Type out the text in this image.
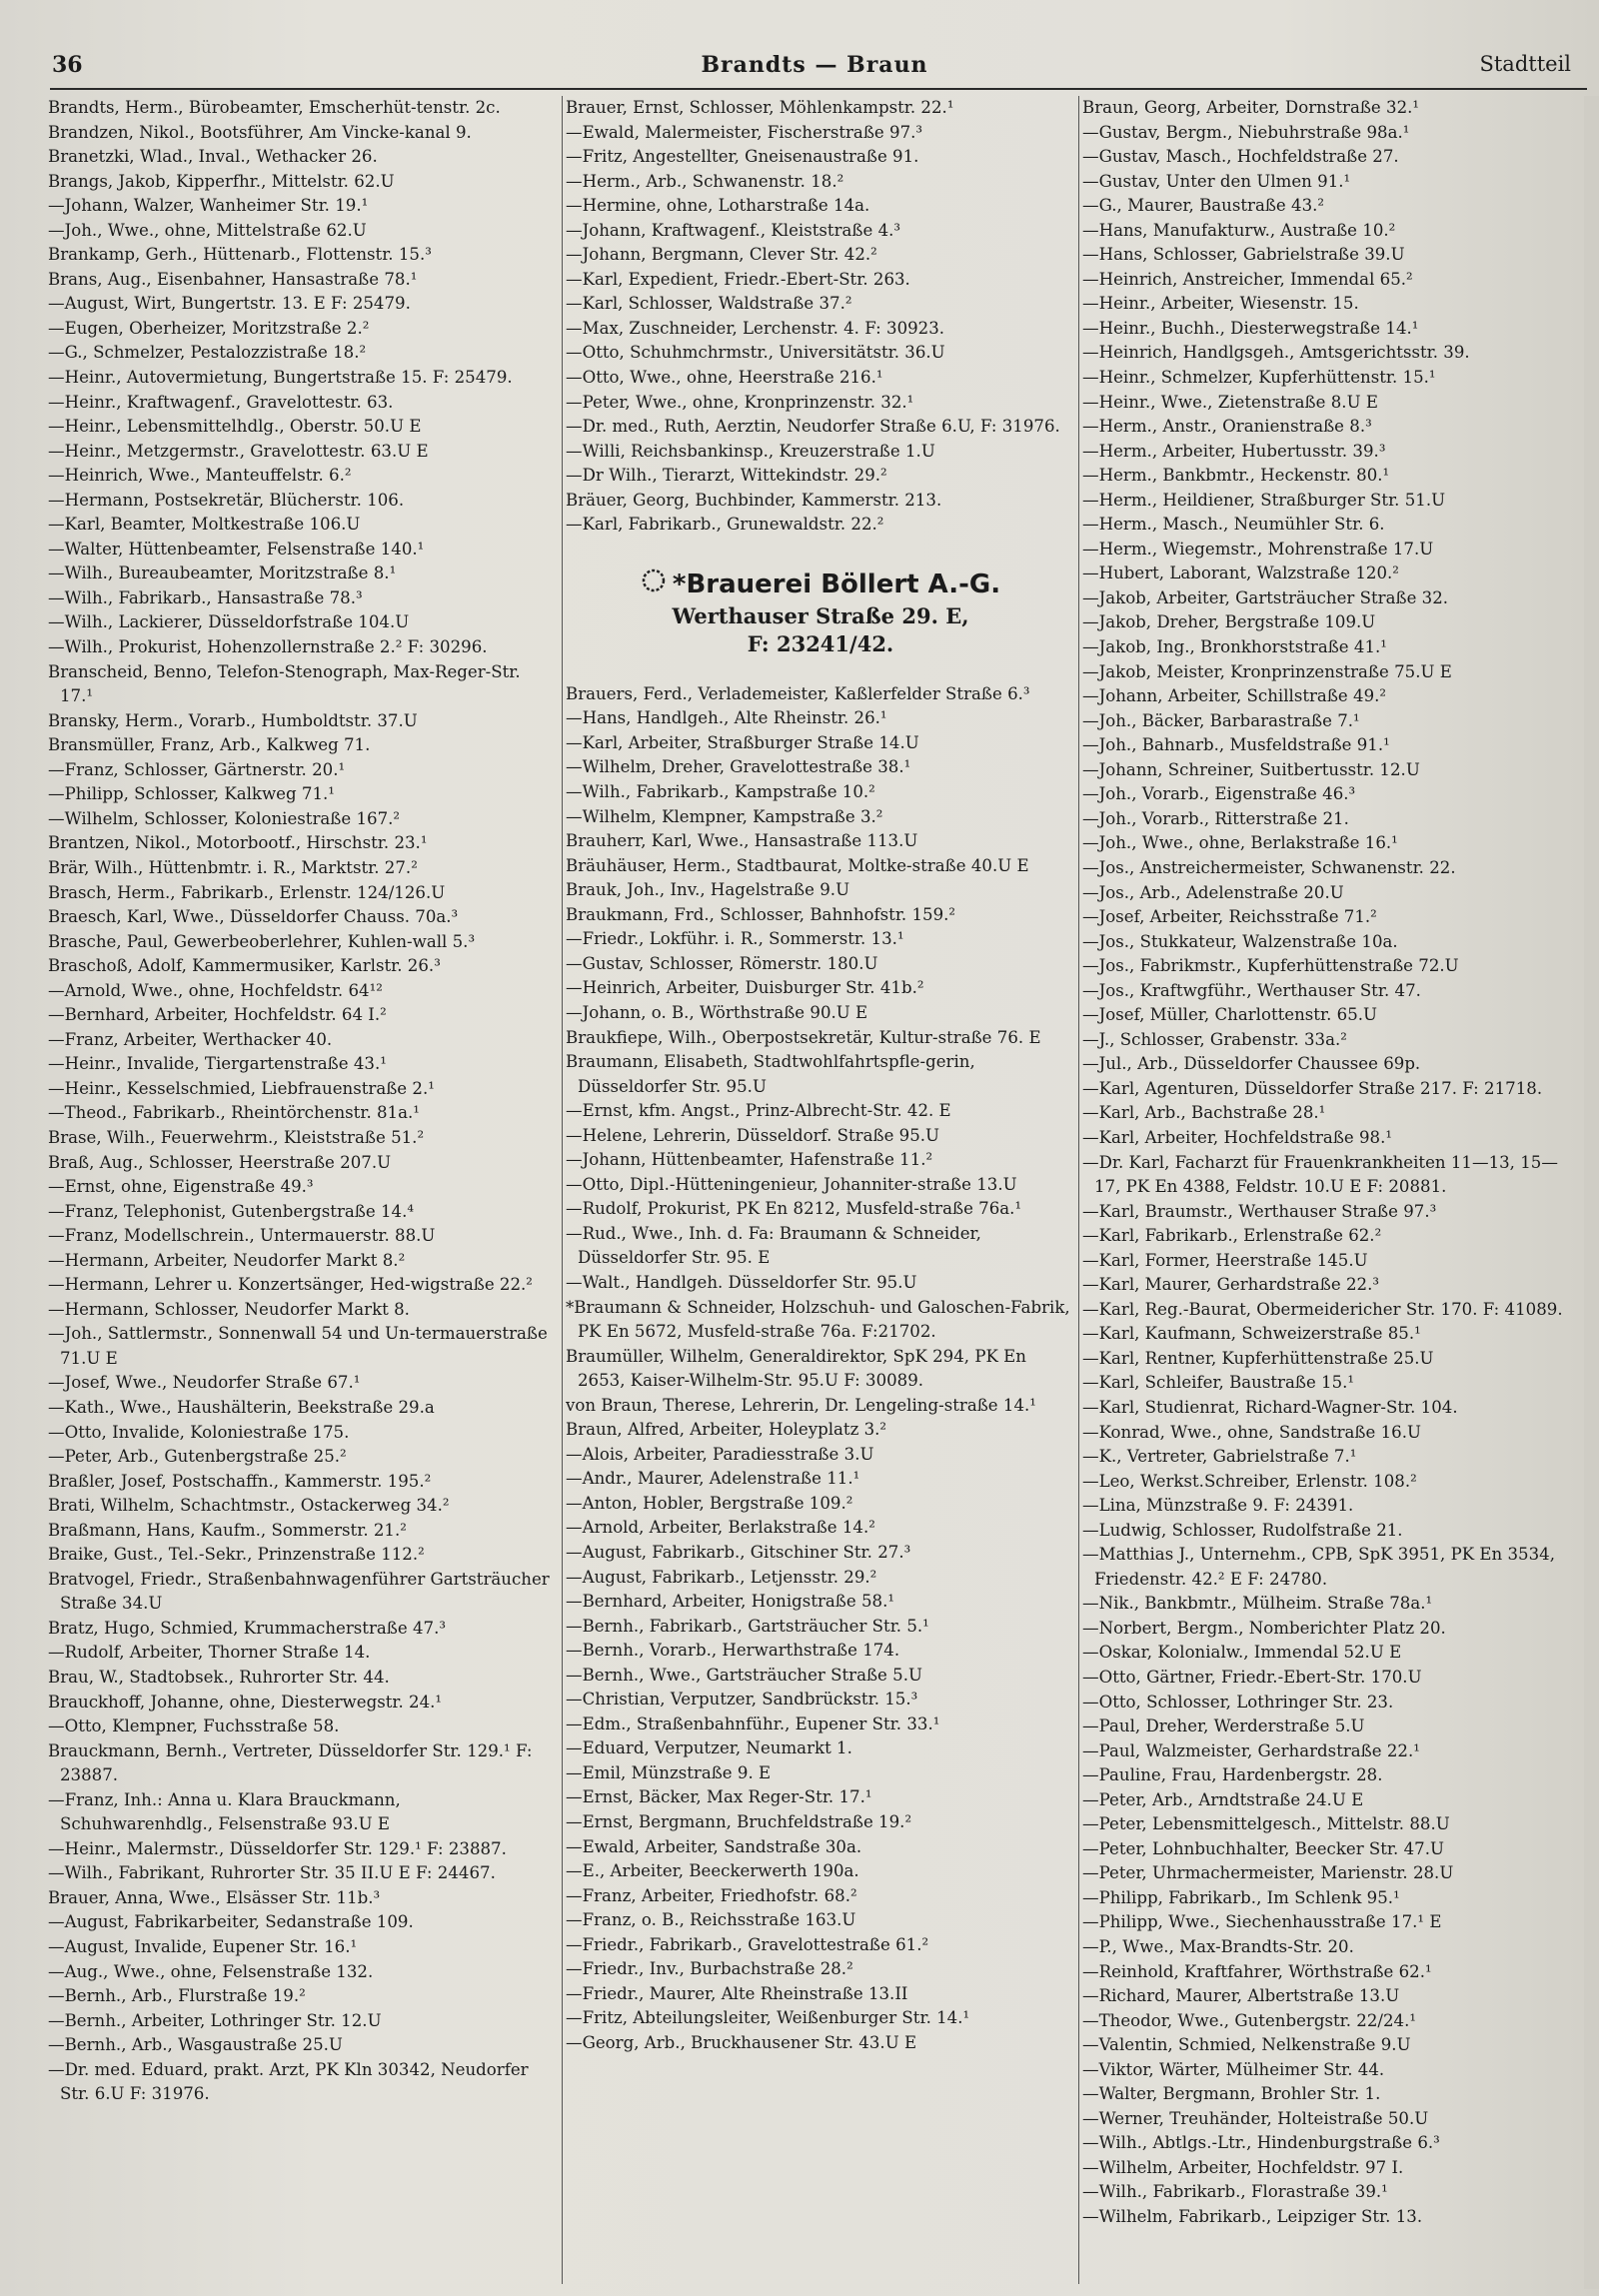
36	Brandts — Braun	Stadtteil
Brandts, Herm., Bürobeamter, Emscherhüt-tenstr. 2c.
Brandzen, Nikol., Bootsführer, Am Vincke-kanal 9.
Branetzki, Wlad., Inval., Wethacker 26.
Brangs, Jakob, Kipperfhr., Mittelstr. 62.U
—Johann, Walzer, Wanheimer Str. 19.¹
—Joh., Wwe., ohne, Mittelstraße 62.U
Brankamp, Gerh., Hüttenarb., Flottenstr. 15.³
Brans, Aug., Eisenbahner, Hansastraße 78.¹
—August, Wirt, Bungertstr. 13. E F: 25479.
—Eugen, Oberheizer, Moritzstraße 2.²
—G., Schmelzer, Pestalozzistraße 18.²
—Heinr., Autovermietung, Bungertstraße 15. F: 25479.
—Heinr., Kraftwagenf., Gravelottestr. 63.
—Heinr., Lebensmittelhdlg., Oberstr. 50.U E
—Heinr., Metzgermstr., Gravelottestr. 63.U E
—Heinrich, Wwe., Manteuffelstr. 6.²
—Hermann, Postsekretär, Blücherstr. 106.
—Karl, Beamter, Moltkestraße 106.U
—Walter, Hüttenbeamter, Felsenstraße 140.¹
—Wilh., Bureaubeamter, Moritzstraße 8.¹
—Wilh., Fabrikarb., Hansastraße 78.³
—Wilh., Lackierer, Düsseldorfstraße 104.U
—Wilh., Prokurist, Hohenzollernstraße 2.² F: 30296.
Branscheid, Benno, Telefon-Stenograph, Max-Reger-Str. 17.¹
Bransky, Herm., Vorarb., Humboldtstr. 37.U
Bransmüller, Franz, Arb., Kalkweg 71.
—Franz, Schlosser, Gärtnerstr. 20.¹
—Philipp, Schlosser, Kalkweg 71.¹
—Wilhelm, Schlosser, Koloniestraße 167.²
Brantzen, Nikol., Motorbootf., Hirschstr. 23.¹
Brär, Wilh., Hüttenbmtr. i. R., Marktstr. 27.²
Brasch, Herm., Fabrikarb., Erlenstr. 124/126.U
Braesch, Karl, Wwe., Düsseldorfer Chauss. 70a.³
Brasche, Paul, Gewerbeoberlehrer, Kuhlen-wall 5.³
Braschoß, Adolf, Kammermusiker, Karlstr. 26.³
—Arnold, Wwe., ohne, Hochfeldstr. 64¹²
—Bernhard, Arbeiter, Hochfeldstr. 64 I.²
—Franz, Arbeiter, Werthacker 40.
—Heinr., Invalide, Tiergartenstraße 43.¹
—Heinr., Kesselschmied, Liebfrauenstraße 2.¹
—Theod., Fabrikarb., Rheintörchenstr. 81a.¹
Brase, Wilh., Feuerwehrm., Kleiststraße 51.²
Braß, Aug., Schlosser, Heerstraße 207.U
—Ernst, ohne, Eigenstraße 49.³
—Franz, Telephonist, Gutenbergstraße 14.⁴
—Franz, Modellschrein., Untermauerstr. 88.U
—Hermann, Arbeiter, Neudorfer Markt 8.²
—Hermann, Lehrer u. Konzertsänger, Hed-wigstraße 22.²
—Hermann, Schlosser, Neudorfer Markt 8.
—Joh., Sattlermstr., Sonnenwall 54 und Un-termauerstraße 71.U E
—Josef, Wwe., Neudorfer Straße 67.¹
—Kath., Wwe., Haushälterin, Beekstraße 29.a
—Otto, Invalide, Koloniestraße 175.
—Peter, Arb., Gutenbergstraße 25.²
Braßler, Josef, Postschaffn., Kammerstr. 195.²
Brati, Wilhelm, Schachtmstr., Ostackerweg 34.²
Braßmann, Hans, Kaufm., Sommerstr. 21.²
Braike, Gust., Tel.-Sekr., Prinzenstraße 112.²
Bratvogel, Friedr., Straßenbahnwagenführer Gartsträucher Straße 34.U
Bratz, Hugo, Schmied, Krummacherstraße 47.³
—Rudolf, Arbeiter, Thorner Straße 14.
Brau, W., Stadtobsek., Ruhrorter Str. 44.
Brauckhoff, Johanne, ohne, Diesterwegstr. 24.¹
—Otto, Klempner, Fuchsstraße 58.
Brauckmann, Bernh., Vertreter, Düsseldorfer Str. 129.¹ F: 23887.
—Franz, Inh.: Anna u. Klara Brauckmann, Schuhwarenhdlg., Felsenstraße 93.U E
—Heinr., Malermstr., Düsseldorfer Str. 129.¹ F: 23887.
—Wilh., Fabrikant, Ruhrorter Str. 35 II.U E F: 24467.
Brauer, Anna, Wwe., Elsässer Str. 11b.³
—August, Fabrikarbeiter, Sedanstraße 109.
—August, Invalide, Eupener Str. 16.¹
—Aug., Wwe., ohne, Felsenstraße 132.
—Bernh., Arb., Flurstraße 19.²
—Bernh., Arbeiter, Lothringer Str. 12.U
—Bernh., Arb., Wasgaustraße 25.U
—Dr. med. Eduard, prakt. Arzt, PK Kln 30342, Neudorfer Str. 6.U F: 31976.
Brauer, Ernst, Schlosser, Möhlenkampstr. 22.¹
—Ewald, Malermeister, Fischerstraße 97.³
—Fritz, Angestellter, Gneisenaustraße 91.
—Herm., Arb., Schwanenstr. 18.²
—Hermine, ohne, Lotharstraße 14a.
—Johann, Kraftwagenf., Kleiststraße 4.³
—Johann, Bergmann, Clever Str. 42.²
—Karl, Expedient, Friedr.-Ebert-Str. 263.
—Karl, Schlosser, Waldstraße 37.²
—Max, Zuschneider, Lerchenstr. 4. F: 30923.
—Otto, Schuhmchrmstr., Universitätstr. 36.U
—Otto, Wwe., ohne, Heerstraße 216.¹
—Peter, Wwe., ohne, Kronprinzenstr. 32.¹
—Dr. med., Ruth, Aerztin, Neudorfer Straße 6.U, F: 31976.
—Willi, Reichsbankinsp., Kreuzerstraße 1.U
—Dr Wilh., Tierarzt, Wittekindstr. 29.²
Bräuer, Georg, Buchbinder, Kammerstr. 213.
—Karl, Fabrikarb., Grunewaldstr. 22.²
*Brauerei Böllert A.-G.
Werthauser Straße 29. E,
F: 23241/42.
Brauers, Ferd., Verlademeister, Kaßlerfelder Straße 6.³
—Hans, Handlgeh., Alte Rheinstr. 26.¹
—Karl, Arbeiter, Straßburger Straße 14.U
—Wilhelm, Dreher, Gravelottestraße 38.¹
—Wilh., Fabrikarb., Kampstraße 10.²
—Wilhelm, Klempner, Kampstraße 3.²
Brauherr, Karl, Wwe., Hansastraße 113.U
Bräuhäuser, Herm., Stadtbaurat, Moltke-straße 40.U E
Brauk, Joh., Inv., Hagelstraße 9.U
Braukmann, Frd., Schlosser, Bahnhofstr. 159.²
—Friedr., Lokführ. i. R., Sommerstr. 13.¹
—Gustav, Schlosser, Römerstr. 180.U
—Heinrich, Arbeiter, Duisburger Str. 41b.²
—Johann, o. B., Wörthstraße 90.U E
Braukfiepe, Wilh., Oberpostsekretär, Kultur-straße 76. E
Braumann, Elisabeth, Stadtwohlfahrtspfle-gerin, Düsseldorfer Str. 95.U
—Ernst, kfm. Angst., Prinz-Albrecht-Str. 42. E
—Helene, Lehrerin, Düsseldorf. Straße 95.U
—Johann, Hüttenbeamter, Hafenstraße 11.²
—Otto, Dipl.-Hütteningenieur, Johanniter-straße 13.U
—Rudolf, Prokurist, PK En 8212, Musfeld-straße 76a.¹
—Rud., Wwe., Inh. d. Fa: Braumann & Schneider, Düsseldorfer Str. 95. E
—Walt., Handlgeh. Düsseldorfer Str. 95.U
*Braumann & Schneider, Holzschuh- und Galoschen-Fabrik, PK En 5672, Musfeld-straße 76a. F:21702.
Braumüller, Wilhelm, Generaldirektor, SpK 294, PK En 2653, Kaiser-Wilhelm-Str. 95.U F: 30089.
von Braun, Therese, Lehrerin, Dr. Lengeling-straße 14.¹
Braun, Alfred, Arbeiter, Holeyplatz 3.²
—Alois, Arbeiter, Paradiesstraße 3.U
—Andr., Maurer, Adelenstraße 11.¹
—Anton, Hobler, Bergstraße 109.²
—Arnold, Arbeiter, Berlakstraße 14.²
—August, Fabrikarb., Gitschiner Str. 27.³
—August, Fabrikarb., Letjensstr. 29.²
—Bernhard, Arbeiter, Honigstraße 58.¹
—Bernh., Fabrikarb., Gartsträucher Str. 5.¹
—Bernh., Vorarb., Herwarthstraße 174.
—Bernh., Wwe., Gartsträucher Straße 5.U
—Christian, Verputzer, Sandbrückstr. 15.³
—Edm., Straßenbahnführ., Eupener Str. 33.¹
—Eduard, Verputzer, Neumarkt 1.
—Emil, Münzstraße 9. E
—Ernst, Bäcker, Max Reger-Str. 17.¹
—Ernst, Bergmann, Bruchfeldstraße 19.²
—Ewald, Arbeiter, Sandstraße 30a.
—E., Arbeiter, Beeckerwerth 190a.
—Franz, Arbeiter, Friedhofstr. 68.²
—Franz, o. B., Reichsstraße 163.U
—Friedr., Fabrikarb., Gravelottestraße 61.²
—Friedr., Inv., Burbachstraße 28.²
—Friedr., Maurer, Alte Rheinstraße 13.II
—Fritz, Abteilungsleiter, Weißenburger Str. 14.¹
—Georg, Arb., Bruckhausener Str. 43.U E
Braun, Georg, Arbeiter, Dornstraße 32.¹
—Gustav, Bergm., Niebuhrstraße 98a.¹
—Gustav, Masch., Hochfeldstraße 27.
—Gustav, Unter den Ulmen 91.¹
—G., Maurer, Baustraße 43.²
—Hans, Manufakturw., Austraße 10.²
—Hans, Schlosser, Gabrielstraße 39.U
—Heinrich, Anstreicher, Immendal 65.²
—Heinr., Arbeiter, Wiesenstr. 15.
—Heinr., Buchh., Diesterwegstraße 14.¹
—Heinrich, Handlgsgeh., Amtsgerichtsstr. 39.
—Heinr., Schmelzer, Kupferhüttenstr. 15.¹
—Heinr., Wwe., Zietenstraße 8.U E
—Herm., Anstr., Oranienstraße 8.³
—Herm., Arbeiter, Hubertusstr. 39.³
—Herm., Bankbmtr., Heckenstr. 80.¹
—Herm., Heildiener, Straßburger Str. 51.U
—Herm., Masch., Neumühler Str. 6.
—Herm., Wiegemstr., Mohrenstraße 17.U
—Hubert, Laborant, Walzstraße 120.²
—Jakob, Arbeiter, Gartsträucher Straße 32.
—Jakob, Dreher, Bergstraße 109.U
—Jakob, Ing., Bronkhorststraße 41.¹
—Jakob, Meister, Kronprinzenstraße 75.U E
—Johann, Arbeiter, Schillstraße 49.²
—Joh., Bäcker, Barbarastraße 7.¹
—Joh., Bahnarb., Musfeldstraße 91.¹
—Johann, Schreiner, Suitbertusstr. 12.U
—Joh., Vorarb., Eigenstraße 46.³
—Joh., Vorarb., Ritterstraße 21.
—Joh., Wwe., ohne, Berlakstraße 16.¹
—Jos., Anstreichermeister, Schwanenstr. 22.
—Jos., Arb., Adelenstraße 20.U
—Josef, Arbeiter, Reichsstraße 71.²
—Jos., Stukkateur, Walzenstraße 10a.
—Jos., Fabrikmstr., Kupferhüttenstraße 72.U
—Jos., Kraftwgführ., Werthauser Str. 47.
—Josef, Müller, Charlottenstr. 65.U
—J., Schlosser, Grabenstr. 33a.²
—Jul., Arb., Düsseldorfer Chaussee 69p.
—Karl, Agenturen, Düsseldorfer Straße 217. F: 21718.
—Karl, Arb., Bachstraße 28.¹
—Karl, Arbeiter, Hochfeldstraße 98.¹
—Dr. Karl, Facharzt für Frauenkrankheiten 11—13, 15—17, PK En 4388, Feldstr. 10.U E F: 20881.
—Karl, Braumstr., Werthauser Straße 97.³
—Karl, Fabrikarb., Erlenstraße 62.²
—Karl, Former, Heerstraße 145.U
—Karl, Maurer, Gerhardstraße 22.³
—Karl, Reg.-Baurat, Obermeidericher Str. 170. F: 41089.
—Karl, Kaufmann, Schweizerstraße 85.¹
—Karl, Rentner, Kupferhüttenstraße 25.U
—Karl, Schleifer, Baustraße 15.¹
—Karl, Studienrat, Richard-Wagner-Str. 104.
—Konrad, Wwe., ohne, Sandstraße 16.U
—K., Vertreter, Gabrielstraße 7.¹
—Leo, Werkst.Schreiber, Erlenstr. 108.²
—Lina, Münzstraße 9. F: 24391.
—Ludwig, Schlosser, Rudolfstraße 21.
—Matthias J., Unternehm., CPB, SpK 3951, PK En 3534, Friedenstr. 42.² E F: 24780.
—Nik., Bankbmtr., Mülheim. Straße 78a.¹
—Norbert, Bergm., Nomberichter Platz 20.
—Oskar, Kolonialw., Immendal 52.U E
—Otto, Gärtner, Friedr.-Ebert-Str. 170.U
—Otto, Schlosser, Lothringer Str. 23.
—Paul, Dreher, Werderstraße 5.U
—Paul, Walzmeister, Gerhardstraße 22.¹
—Pauline, Frau, Hardenbergstr. 28.
—Peter, Arb., Arndtstraße 24.U E
—Peter, Lebensmittelgesch., Mittelstr. 88.U
—Peter, Lohnbuchhalter, Beecker Str. 47.U
—Peter, Uhrmachermeister, Marienstr. 28.U
—Philipp, Fabrikarb., Im Schlenk 95.¹
—Philipp, Wwe., Siechenhausstraße 17.¹ E
—P., Wwe., Max-Brandts-Str. 20.
—Reinhold, Kraftfahrer, Wörthstraße 62.¹
—Richard, Maurer, Albertstraße 13.U
—Theodor, Wwe., Gutenbergstr. 22/24.¹
—Valentin, Schmied, Nelkenstraße 9.U
—Viktor, Wärter, Mülheimer Str. 44.
—Walter, Bergmann, Brohler Str. 1.
—Werner, Treuhänder, Holteistraße 50.U
—Wilh., Abtlgs.-Ltr., Hindenburgstraße 6.³
—Wilhelm, Arbeiter, Hochfeldstr. 97 I.
—Wilh., Fabrikarb., Florastraße 39.¹
—Wilhelm, Fabrikarb., Leipziger Str. 13.
